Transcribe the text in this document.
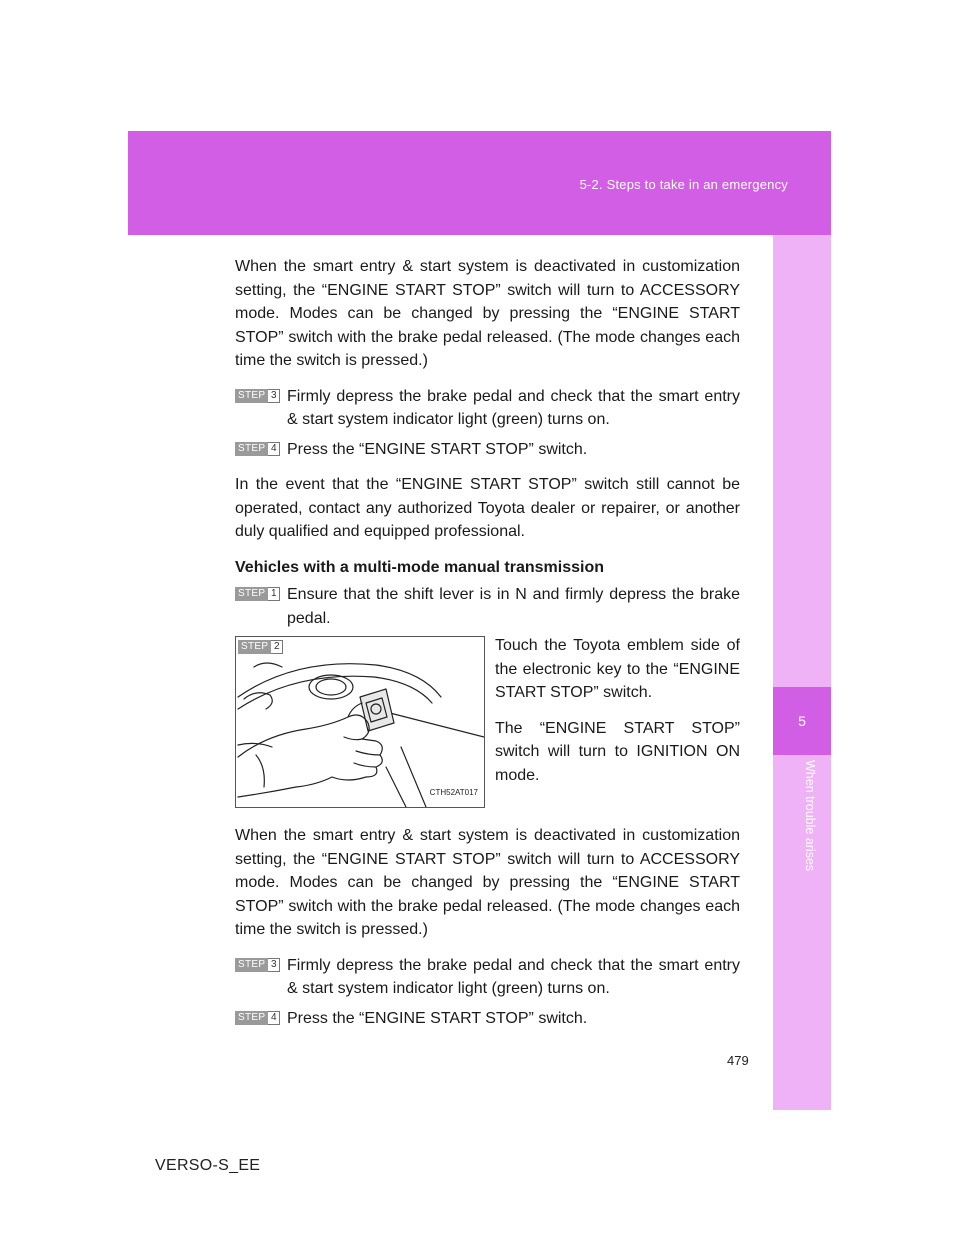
5-2. Steps to take in an emergency
5
When trouble arises

When the smart entry & start system is deactivated in customization setting, the “ENGINE START STOP” switch will turn to ACCESSORY mode. Modes can be changed by pressing the “ENGINE START STOP” switch with the brake pedal released. (The mode changes each time the switch is pressed.)

STEP 3 Firmly depress the brake pedal and check that the smart entry & start system indicator light (green) turns on.
STEP 4 Press the “ENGINE START STOP” switch.

In the event that the “ENGINE START STOP” switch still cannot be operated, contact any authorized Toyota dealer or repairer, or another duly qualified and equipped professional.

Vehicles with a multi-mode manual transmission
STEP 1 Ensure that the shift lever is in N and firmly depress the brake pedal.
STEP 2
CTH52AT017

Touch the Toyota emblem side of the electronic key to the “ENGINE START STOP” switch.

The “ENGINE START STOP” switch will turn to IGNITION ON mode.

When the smart entry & start system is deactivated in customization setting, the “ENGINE START STOP” switch will turn to ACCESSORY mode. Modes can be changed by pressing the “ENGINE START STOP” switch with the brake pedal released. (The mode changes each time the switch is pressed.)

STEP 3 Firmly depress the brake pedal and check that the smart entry & start system indicator light (green) turns on.
STEP 4 Press the “ENGINE START STOP” switch.
479
VERSO-S_EE
